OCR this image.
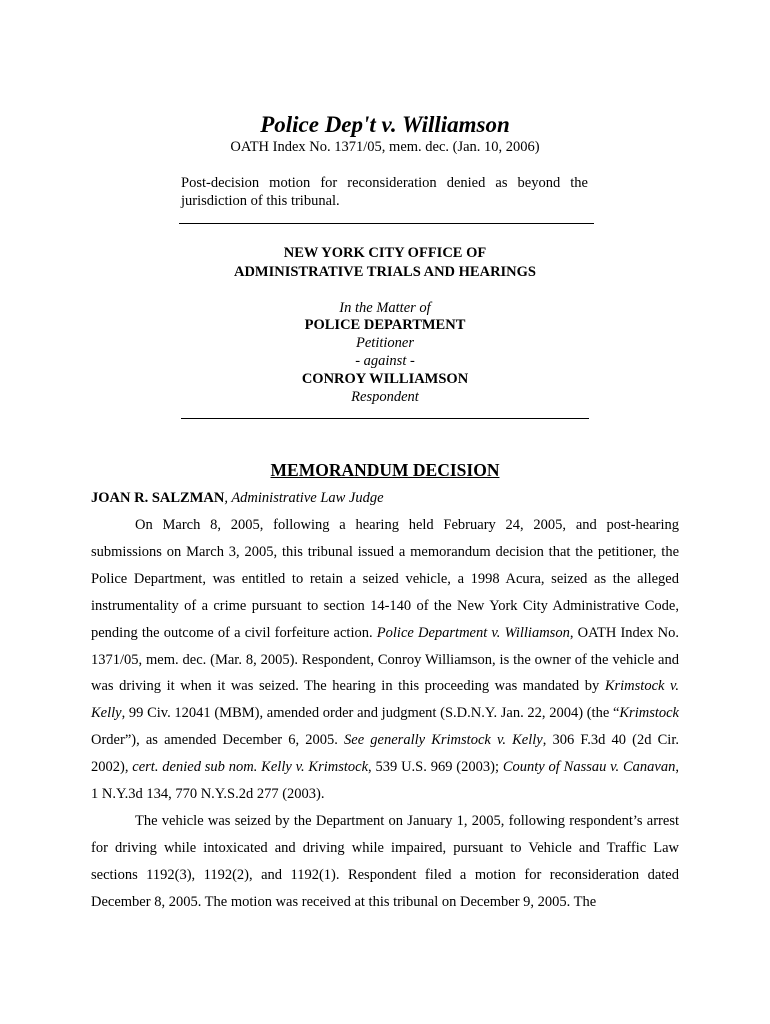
Police Dep't v. Williamson
OATH Index No. 1371/05, mem. dec. (Jan. 10, 2006)
Post-decision motion for reconsideration denied as beyond the jurisdiction of this tribunal.
NEW YORK CITY OFFICE OF
ADMINISTRATIVE TRIALS AND HEARINGS
In the Matter of
POLICE DEPARTMENT
Petitioner
- against -
CONROY WILLIAMSON
Respondent
MEMORANDUM DECISION
JOAN R. SALZMAN, Administrative Law Judge

On March 8, 2005, following a hearing held February 24, 2005, and post-hearing submissions on March 3, 2005, this tribunal issued a memorandum decision that the petitioner, the Police Department, was entitled to retain a seized vehicle, a 1998 Acura, seized as the alleged instrumentality of a crime pursuant to section 14-140 of the New York City Administrative Code, pending the outcome of a civil forfeiture action. Police Department v. Williamson, OATH Index No. 1371/05, mem. dec. (Mar. 8, 2005). Respondent, Conroy Williamson, is the owner of the vehicle and was driving it when it was seized. The hearing in this proceeding was mandated by Krimstock v. Kelly, 99 Civ. 12041 (MBM), amended order and judgment (S.D.N.Y. Jan. 22, 2004) (the “Krimstock Order”), as amended December 6, 2005. See generally Krimstock v. Kelly, 306 F.3d 40 (2d Cir. 2002), cert. denied sub nom. Kelly v. Krimstock, 539 U.S. 969 (2003); County of Nassau v. Canavan, 1 N.Y.3d 134, 770 N.Y.S.2d 277 (2003).

The vehicle was seized by the Department on January 1, 2005, following respondent’s arrest for driving while intoxicated and driving while impaired, pursuant to Vehicle and Traffic Law sections 1192(3), 1192(2), and 1192(1). Respondent filed a motion for reconsideration dated December 8, 2005. The motion was received at this tribunal on December 9, 2005. The
